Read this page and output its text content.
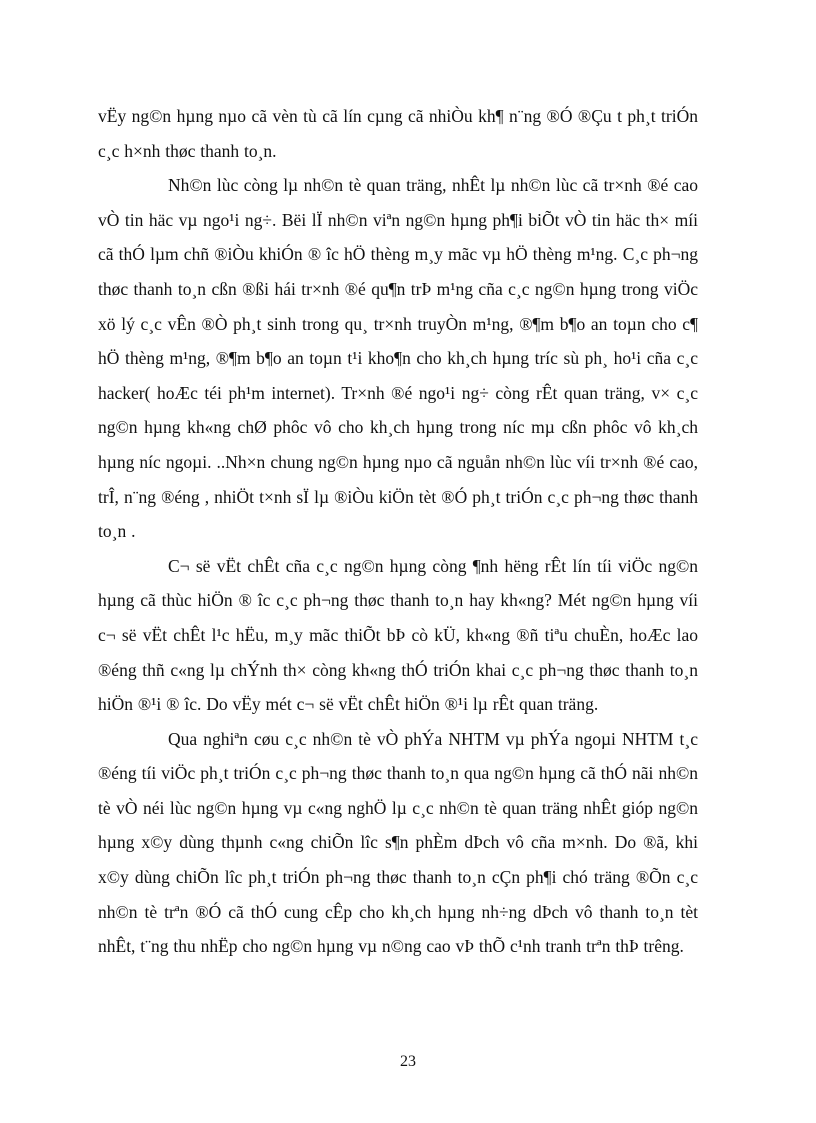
vËy ng©n hµng nµo cã vèn tù cã lín cµng cã nhiÒu kh¶ n¨ng ®Ó ®Çu t ph¸t triÓn c¸c h×nh thøc thanh to¸n.

Nh©n lùc còng lµ nh©n tè quan träng, nhÊt lµ nh©n lùc cã tr×nh ®é cao vÒ tin häc vµ ngo¹i ng÷. Bëi lÏ nh©n viªn ng©n hµng ph¶i biÕt vÒ tin häc th× míi cã thÓ lµm chñ ®iÒu khiÓn ® îc hÖ thèng m¸y mãc vµ hÖ thèng m¹ng. C¸c ph¬ng thøc thanh to¸n cßn ®ßi hái tr×nh ®é qu¶n trÞ m¹ng cña c¸c ng©n hµng trong viÖc xö lý c¸c vÊn ®Ò ph¸t sinh trong qu¸ tr×nh truyÒn m¹ng, ®¶m b¶o an toµn cho c¶ hÖ thèng m¹ng, ®¶m b¶o an toµn t¹i kho¶n cho kh¸ch hµng tríc sù ph¸ ho¹i cña c¸c hacker( hoÆc téi ph¹m internet). Tr×nh ®é ngo¹i ng÷ còng rÊt quan träng, v× c¸c ng©n hµng kh«ng chØ phôc vô cho kh¸ch hµng trong níc mµ cßn phôc vô kh¸ch hµng níc ngoµi. ..Nh×n chung ng©n hµng nµo cã nguån nh©n lùc víi tr×nh ®é cao, trÎ, n¨ng ®éng , nhiÖt t×nh sÏ lµ ®iÒu kiÖn tèt ®Ó ph¸t triÓn c¸c ph¬ng thøc thanh to¸n .

C¬ së vËt chÊt cña c¸c ng©n hµng còng ¶nh hëng rÊt lín tíi viÖc ng©n hµng cã thùc hiÖn ® îc c¸c ph¬ng thøc thanh to¸n hay kh«ng? Mét ng©n hµng víi c¬ së vËt chÊt l¹c hËu, m¸y mãc thiÕt bÞ cò kÜ, kh«ng ®ñ tiªu chuÈn, hoÆc lao ®éng thñ c«ng lµ chÝnh th× còng kh«ng thÓ triÓn khai c¸c ph¬ng thøc thanh to¸n hiÖn ®¹i ® îc. Do vËy mét c¬ së vËt chÊt hiÖn ®¹i lµ rÊt quan träng.

Qua nghiªn cøu c¸c nh©n tè vÒ phÝa NHTM vµ phÝa ngoµi NHTM t¸c ®éng tíi viÖc ph¸t triÓn c¸c ph¬ng thøc thanh to¸n qua ng©n hµng cã thÓ nãi nh©n tè vÒ néi lùc ng©n hµng vµ c«ng nghÖ lµ c¸c nh©n tè quan träng nhÊt gióp ng©n hµng x©y dùng thµnh c«ng chiÕn lîc s¶n phÈm dÞch vô cña m×nh. Do ®ã, khi x©y dùng chiÕn lîc ph¸t triÓn ph¬ng thøc thanh to¸n cÇn ph¶i chó träng ®Õn c¸c nh©n tè trªn ®Ó cã thÓ cung cÊp cho kh¸ch hµng nh÷ng dÞch vô thanh to¸n tèt nhÊt, t¨ng thu nhËp cho ng©n hµng vµ n©ng cao vÞ thÕ c¹nh tranh trªn thÞ trêng.

23
